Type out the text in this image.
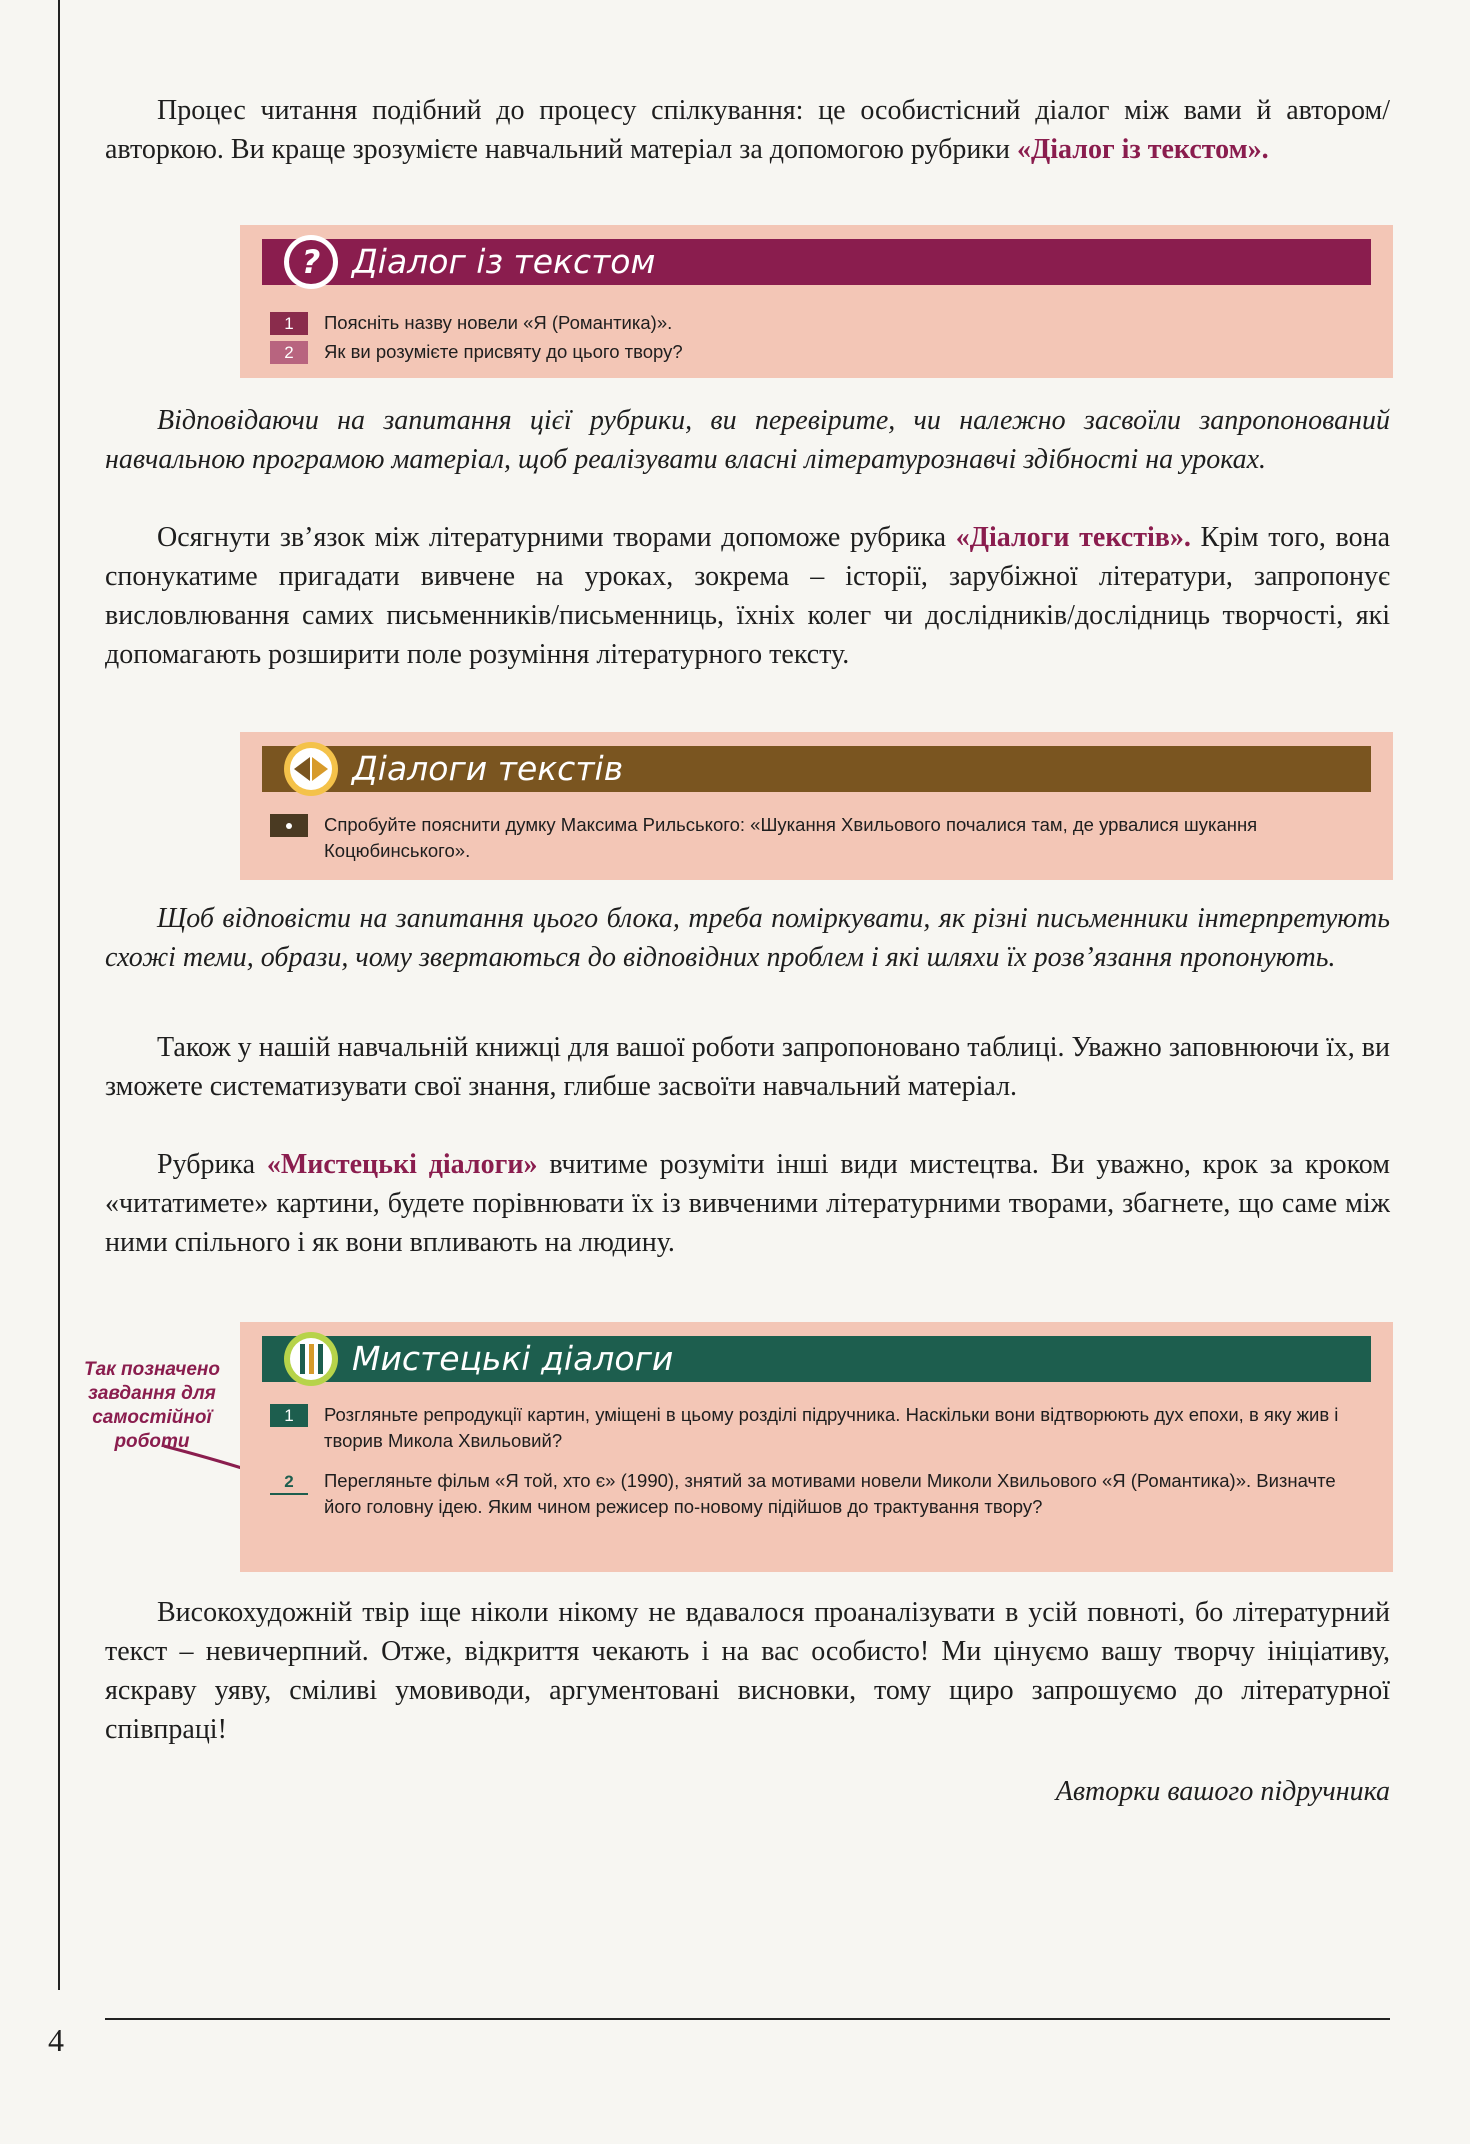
Процес читання подібний до процесу спілкування: це особистісний діалог між вами й автором/авторкою. Ви краще зрозумієте навчальний матеріал за допомогою рубрики «Діалог із текстом».
? Діалог із текстом
1	Поясніть назву новели «Я (Романтика)».
2	Як ви розумієте присвяту до цього твору?
Відповідаючи на запитання цієї рубрики, ви перевірите, чи належно засвоїли запропонований навчальною програмою матеріал, щоб реалізувати власні літературознавчі здібності на уроках.
Осягнути зв’язок між літературними творами допоможе рубрика «Діалоги текстів». Крім того, вона спонукатиме пригадати вивчене на уроках, зокрема – історії, зарубіжної літератури, запропонує висловлювання самих письменників/письменниць, їхніх колег чи дослідників/дослідниць творчості, які допомагають розширити поле розуміння літературного тексту.
Діалоги текстів
Спробуйте пояснити думку Максима Рильського: «Шукання Хвильового почалися там, де урвалися шукання Коцюбинського».
Щоб відповісти на запитання цього блока, треба поміркувати, як різні письменники інтерпретують схожі теми, образи, чому звертаються до відповідних проблем і які шляхи їх розв’язання пропонують.
Також у нашій навчальній книжці для вашої роботи запропоновано таблиці. Уважно заповнюючи їх, ви зможете систематизувати свої знання, глибше засвоїти навчальний матеріал.
Рубрика «Мистецькі діалоги» вчитиме розуміти інші види мистецтва. Ви уважно, крок за кроком «читатимете» картини, будете порівнювати їх із вивченими літературними творами, збагнете, що саме між ними спільного і як вони впливають на людину.
Так позначено завдання для самостійної роботи
Мистецькі діалоги
1	Розгляньте репродукції картин, уміщені в цьому розділі підручника. Наскільки вони відтворюють дух епохи, в яку жив і творив Микола Хвильовий?
2	Перегляньте фільм «Я той, хто є» (1990), знятий за мотивами новели Миколи Хвильового «Я (Романтика)». Визначте його головну ідею. Яким чином режисер по-новому підійшов до трактування твору?
Високохудожній твір іще ніколи нікому не вдавалося проаналізувати в усій повноті, бо літературний текст – невичерпний. Отже, відкриття чекають і на вас особисто! Ми цінуємо вашу творчу ініціативу, яскраву уяву, сміливі умовиводи, аргументовані висновки, тому щиро запрошуємо до літературної співпраці!
Авторки вашого підручника
4
